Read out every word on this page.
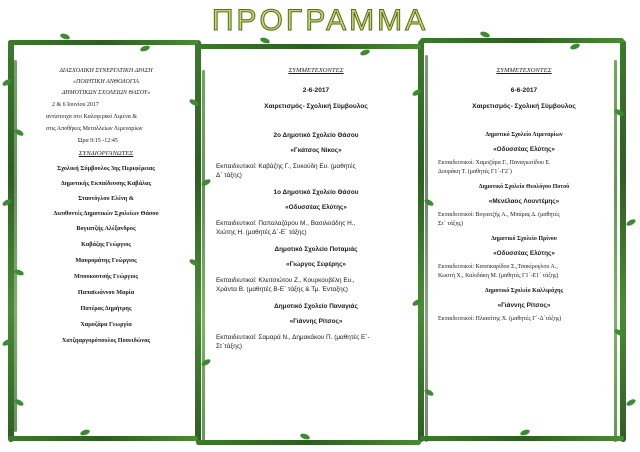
ΠΡΟΓΡΑΜΜΑ
ΔΙΑΣΧΟΛΙΚΗ ΣΥΝΕΡΓΑΤΙΚΗ ΔΡΑΣΗ
«ΠΟΙΗΤΙΚΗ ΑΝΘΟΛΟΓΙΑ
ΔΗΜΟΤΙΚΩΝ ΣΧΟΛΕΙΩΝ ΘΑΣΟΥ»
2 & 6 Ιουνίου 2017
αντίστοιχα στο Καλογερικό Λιμένα &
στις Αποθήκες Μεταλλείων Λιμεναρίων
Ώρα 9:15 -12:45
ΣΥΝΔΙΟΡΓΑΝΩΤΕΣ
Σχολική Σύμβουλος 3ης Περιφέρειας
Δημοτικής Εκπαίδευσης Καβάλας
Σταυτόγλου Ελένη &
Διευθυντές Δημοτικών Σχολείων Θάσου
Βογιατζής Αλέξανδρος
Καβάζης Γεώργιος
Μαυρομάτης Γεώργιος
Μπουκουτσής Γεώργιος
Παπαϊωάννου Μαρία
Πατέρας Δημήτρης
Χαμοζάρα Γεωργία
Χατζηαργυρόπουλος Ποσειδώνας
ΣΥΜΜΕΤΕΧΟΝΤΕΣ
2-6-2017
Χαιρετισμός- Σχολική Σύμβουλος
2ο Δημοτικό Σχολείο Θάσου
«Γκάτσος Νίκος»
Εκπαιδευτικοί: Καβάζης Γ., Συκούδη Ευ. (μαθητές
Δ΄ τάξης)
1ο Δημοτικό Σχολείο Θάσου
«Οδυσσέας Ελύτης»
Εκπαιδευτικοί: Παπαλαζάρου Μ., Βασιλειάδης Η.,
Χιώτης Η. (μαθητές Δ΄-Ε΄ τάξης)
Δημοτικό Σχολείο Ποταμιάς
«Γιώργος Σεφέρης»
Εκπαιδευτικοί: Κλειτσιώτου Ζ., Κουρκουβέλη Ευ.,
Χράντα Β. (μαθητές Β-Ε΄ τάξης & Τμ. Ένταξης)
Δημοτικό Σχολείο Παναγιάς
«Γιάννης Ρίτσος»
Εκπαιδευτικοί: Σαμαρά Ν., Δημακάκου Π. (μαθητές Ε΄-
Στ΄τάξης)
ΣΥΜΜΕΤΕΧΟΝΤΕΣ
6-6-2017
Χαιρετισμός- Σχολική Σύμβουλος
Δημοτικό Σχολείο Λιμεναρίων
«Οδυσσέας Ελύτης»
Εκπαιδευτικοί: Χαμοζάρα Γ., Παναγιωτίδου Ε.
Δουράκη Τ. (μαθητές Γ1΄-Γ2΄)
Δημοτικό Σχολείο Θεολόγου Ποτού
«Μενέλαος Λουντέμης»
Εκπαιδευτικοί: Βογιατζής Α., Μπάρας Δ. (μαθητές
Στ΄ τάξης)
Δημοτικό Σχολείο Πρίνου
«Οδυσσέας Ελύτης»
Εκπαιδευτικοί: Κατσικαρίδου Σ.,Τσακίρογλου Α.,
Κωστή Χ., Καλιδάκη Μ. (μαθητές Γ1΄-Ε1΄ τάξης)
Δημοτικό Σχολείο Καλλιράχης
«Γιάννης Ρίτσος»
Εκπαιδευτικοί: Πλιασίτης Χ. (μαθητές Γ΄-Δ΄τάξης)
